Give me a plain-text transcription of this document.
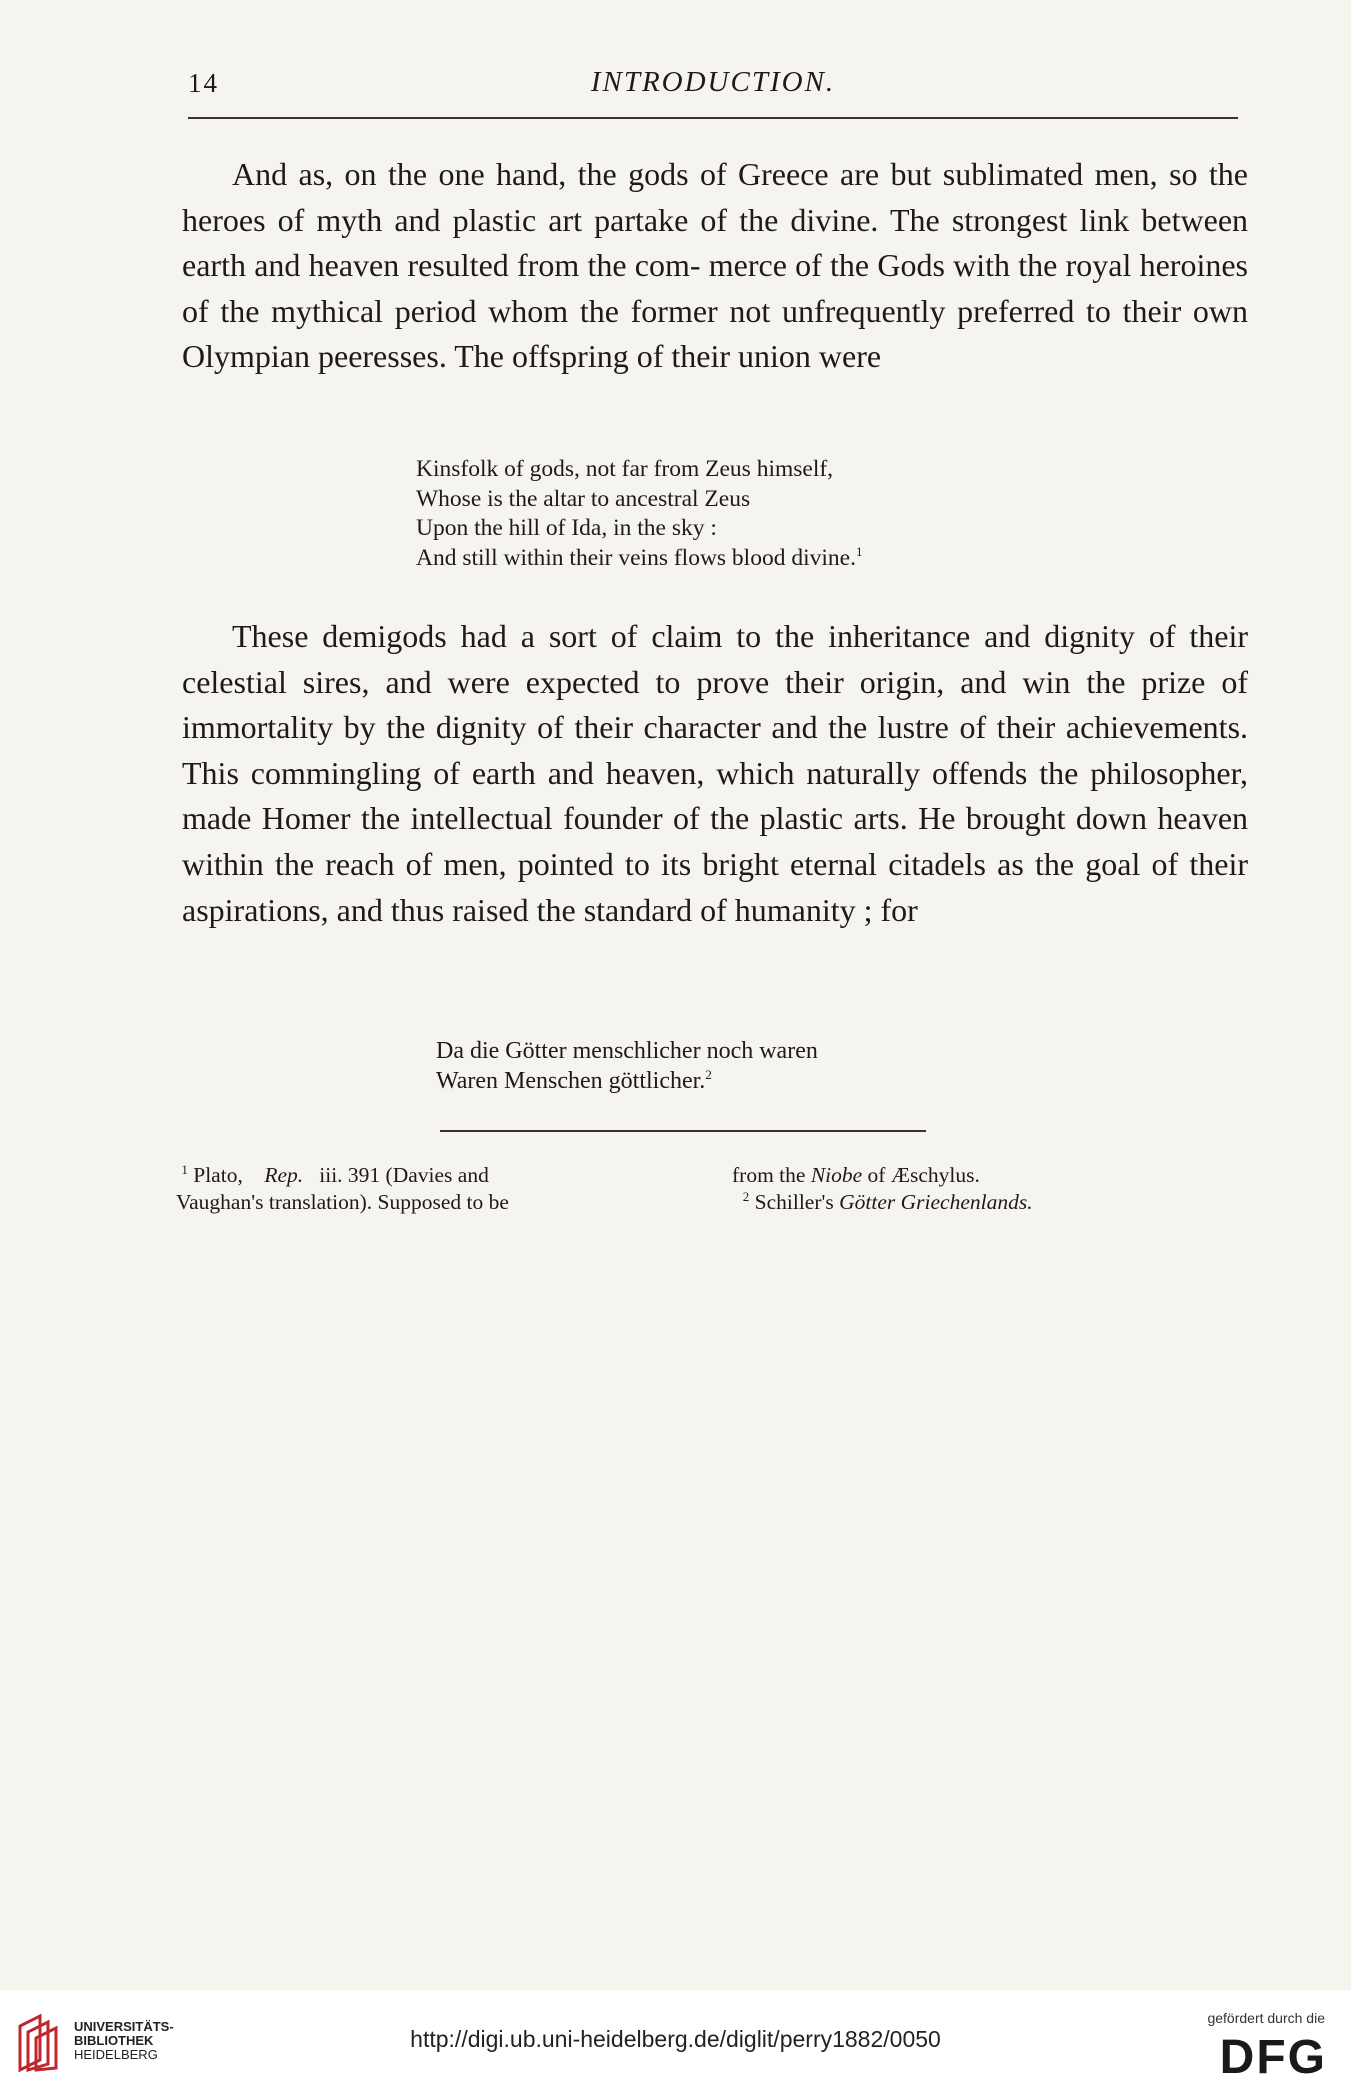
14	INTRODUCTION.

And as, on the one hand, the gods of Greece are but sublimated men, so the heroes of myth and plastic art partake of the divine. The strongest link between earth and heaven resulted from the com- merce of the Gods with the royal heroines of the mythical period whom the former not unfrequently preferred to their own Olympian peeresses. The offspring of their union were

Kinsfolk of gods, not far from Zeus himself,
Whose is the altar to ancestral Zeus
Upon the hill of Ida, in the sky :
And still within their veins flows blood divine.$^1$

These demigods had a sort of claim to the inheritance and dignity of their celestial sires, and were expected to prove their origin, and win the prize of immortality by the dignity of their character and the lustre of their achievements. This commingling of earth and heaven, which naturally offends the philosopher, made Homer the intellectual founder of the plastic arts. He brought down heaven within the reach of men, pointed to its bright eternal citadels as the goal of their aspirations, and thus raised the standard of humanity ; for

Da die Götter menschlicher noch waren
Waren Menschen göttlicher.$^2$
$^1$ Plato, Rep. iii. 391 (Davies and
Vaughan's translation). Supposed to be
from the Niobe of Æschylus.
$^2$ Schiller's Götter Griechenlands.
UNIVERSITÄTS-
BIBLIOTHEK
HEIDELBERG
http://digi.ub.uni-heidelberg.de/diglit/perry1882/0050
gefördert durch die
DFG
